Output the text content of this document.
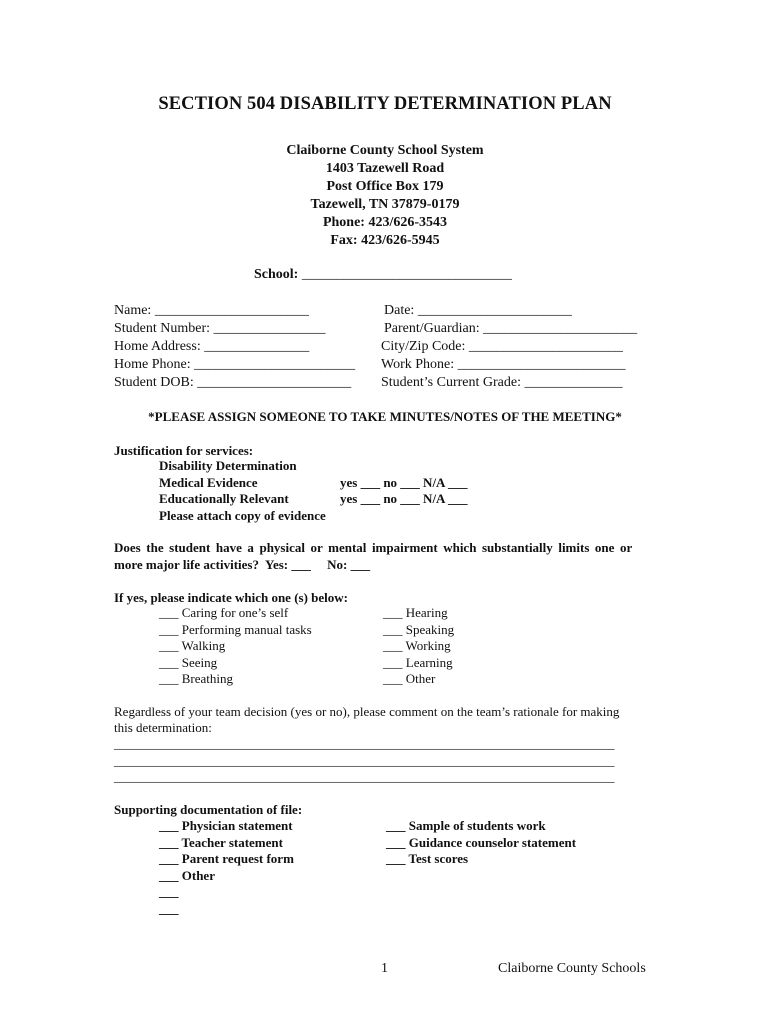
SECTION 504 DISABILITY DETERMINATION PLAN
Claiborne County School System
1403 Tazewell Road
Post Office Box 179
Tazewell, TN 37879-0179
Phone: 423/626-3543
Fax: 423/626-5945
School: ______________________________
Name: ______________________
Student Number: ________________
Home Address: _______________
Home Phone: _______________________
Student DOB: ______________________
Date: ______________________
Parent/Guardian: ______________________
City/Zip Code: ______________________
Work Phone: ________________________
Student’s Current Grade: ______________
*PLEASE ASSIGN SOMEONE TO TAKE MINUTES/NOTES OF THE MEETING*
Justification for services:
Disability Determination
Medical Evidence
Educationally Relevant
Please attach copy of evidence
yes ___ no ___ N/A ___
yes ___ no ___ N/A ___
Does the student have a physical or mental impairment which substantially limits one or
more major life activities?  Yes: ___     No: ___
If yes, please indicate which one (s) below:
___ Caring for one’s self
___ Performing manual tasks
___ Walking
___ Seeing
___ Breathing
___ Hearing
___ Speaking
___ Working
___ Learning
___ Other
Regardless of your team decision (yes or no), please comment on the team’s rationale for making
this determination:
_____________________________________________________________________________
_____________________________________________________________________________
_____________________________________________________________________________
Supporting documentation of file:
___ Physician statement
___ Teacher statement
___ Parent request form
___ Other
___
___
___ Sample of students work
___ Guidance counselor statement
___ Test scores
1	Claiborne County Schools
